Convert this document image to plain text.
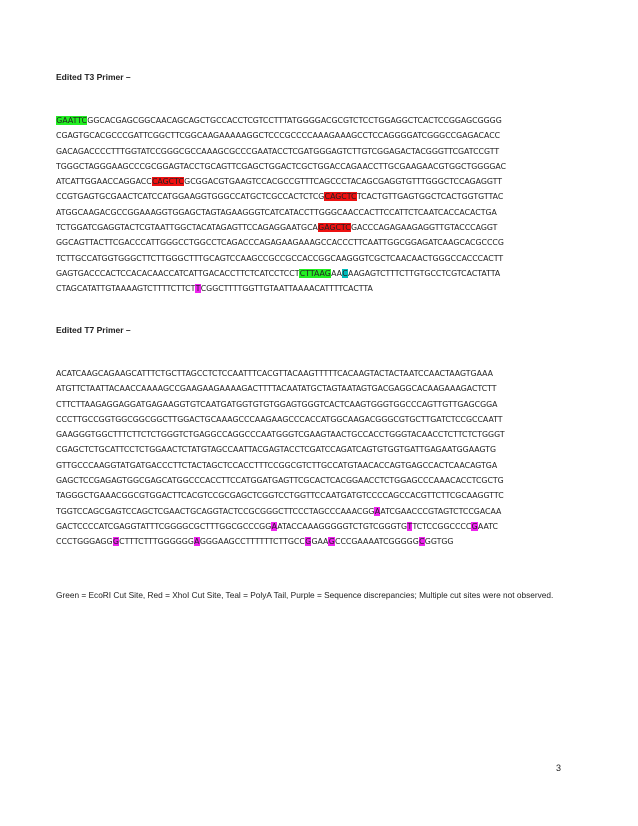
Edited T3 Primer –

GAATTCGGCACGAGCGGCAACAGCAGCTGCCACCTCGTCCTTTATGGGGACGCGTCTCCTGGAGGCTCACTCCGGAGCGGGG
CGAGTGCACGCCCGATTCGGCTTCGGCAAGAAAAAGGCTCCCGCCCCAAAGAAAGCCTCCAGGGGATCGGGCCGAGACACC
GACAGACCCCTTTGGTATCCGGGCGCCAAAGCGCCCGAATACCTCGATGGGAGTCTTGTCGGAGACTACGGGTTCGATCCGTT
TGGGCTAGGGAAGCCCGCGGAGTACCTGCAGTTCGAGCTGGACTCGCTGGACCAGAACCTTGCGAAGAACGTGGCTGGGGAC
ATCATTGGAACCAGGACCCAGCTCGCGGACGTGAAGTCCACGCCGTTTCAGCCCTACAGCGAGGTGTTTGGGCTCCAGAGGTT
CCGTGAGTGCGAACTCATCCATGGAAGGTGGGCCATGCTCGCCACTCTCGCAGCTCTCACTGTTGAGTGGCTCACTGGTGTTAC
ATGGCAAGACGCCGGAAAGGTGGAGCTAGTAGAAGGGTCATCATACCTTGGGCAACCACTTCCATTCTCAATCACCACACTGA
TCTGGATCGAGGTACTCGTAATTGGCTACATAGAGTTCCAGAGGAATGCAGAGCTCGACCCAGAGAAGAGGTTGTACCCAGGT
GGCAGTTACTTCGACCCATTGGGCCTGGCCTCAGACCCAGAGAAGAAAGCCACCCTTCAATTGGCGGAGATCAAGCACGCCCG
TCTTGCCATGGTGGGCTTCTTGGGCTTTGCAGTCCAAGCCGCCGCCACCGGCAAGGGTCGCTCAACAACTGGGCCACCCACTT
GAGTGACCCACTCCACACAACCATCATTGACACCTTCTCATCCTCCTCTTAAGAACAAGAGTCTTTCTTGTGCCTCGTCACTATTA
CTAGCATATTGTAAAAGTCTTTTCTTCTTCGGCTTTTGGTTGTAATTAAAACATTTTCACTTA

Edited T7 Primer –

ACATCAAGCAGAAGCATTTCTGCTTAGCCTCTCCAATTTCACGTTACAAGTTTTTCACAAGTACTACTAATCCAACTAAGTGAAA
ATGTTCTAATTACAACCAAAAGCCGAAGAAGAAAAGACTTTTACAATATGCTAGTAATAGTGACGAGGCACAAGAAAGACTCTT
CTTCTTAAGAGGAGGATGAGAAGGTGTCAATGATGGTGTGTGGAGTGGGTCACTCAAGTGGGTGGCCCAGTTGTTGAGCGGA
CCCTTGCCGGTGGCGGCGGCTTGGACTGCAAAGCCCAAGAAGCCCACCATGGCAAGACGGGCGTGCTTGATCTCCGCCAATT
GAAGGGTGGCTTTCTTCTCTGGGTCTGAGGCCAGGCCCAATGGGTCGAAGTAACTGCCACCTGGGTACAACCTCTTCTCTGGGT
CGAGCTCTGCATTCCTCTGGAACTCTATGTAGCCAATTACGAGTACCTCGATCCAGATCAGTGTGGTGATTGAGAATGGAAGTG
GTTGCCCAAGGTATGATGACCCTTCTACTAGCTCCACCTTTCCGGCGTCTTGCCATGTAACACCAGTGAGCCACTCAACAGTGA
GAGCTCCGAGAGTGGCGAGCATGGCCCACCTTCCATGGATGAGTTCGCACTCACGGAACCTCTGGAGCCCAAACACCTCGCTG
TAGGGCTGAAACGGCGTGGACTTCACGTCCGCGAGCTCGGTCCTGGTTCCAATGATGTCCCCAGCCACGTTCTTCGCAAGGTTC
TGGTCCAGCGAGTCCAGCTCGAACTGCAGGTACTCCGCGGGCTTCCCTAGCCCAAACGGAATCGAACCCGTAGTCTCCGACAA
GACTCCCCATCGAGGTATTTCGGGGCGCTTTGGCGCCCGGAATACCAAAGGGGGTCTGTCGGGTGTTCTCCGGCCCCGAATC
CCCTGGGAGGGCTTTCTTTGGGGGGAGGGAAGCCTTTTTTCTTGCCGGAAGCCCGAAAATCGGGGGCGGTGG

Green = EcoRI Cut Site, Red = XhoI Cut Site, Teal = PolyA Tail, Purple = Sequence discrepancies; Multiple cut sites were not observed.

3
